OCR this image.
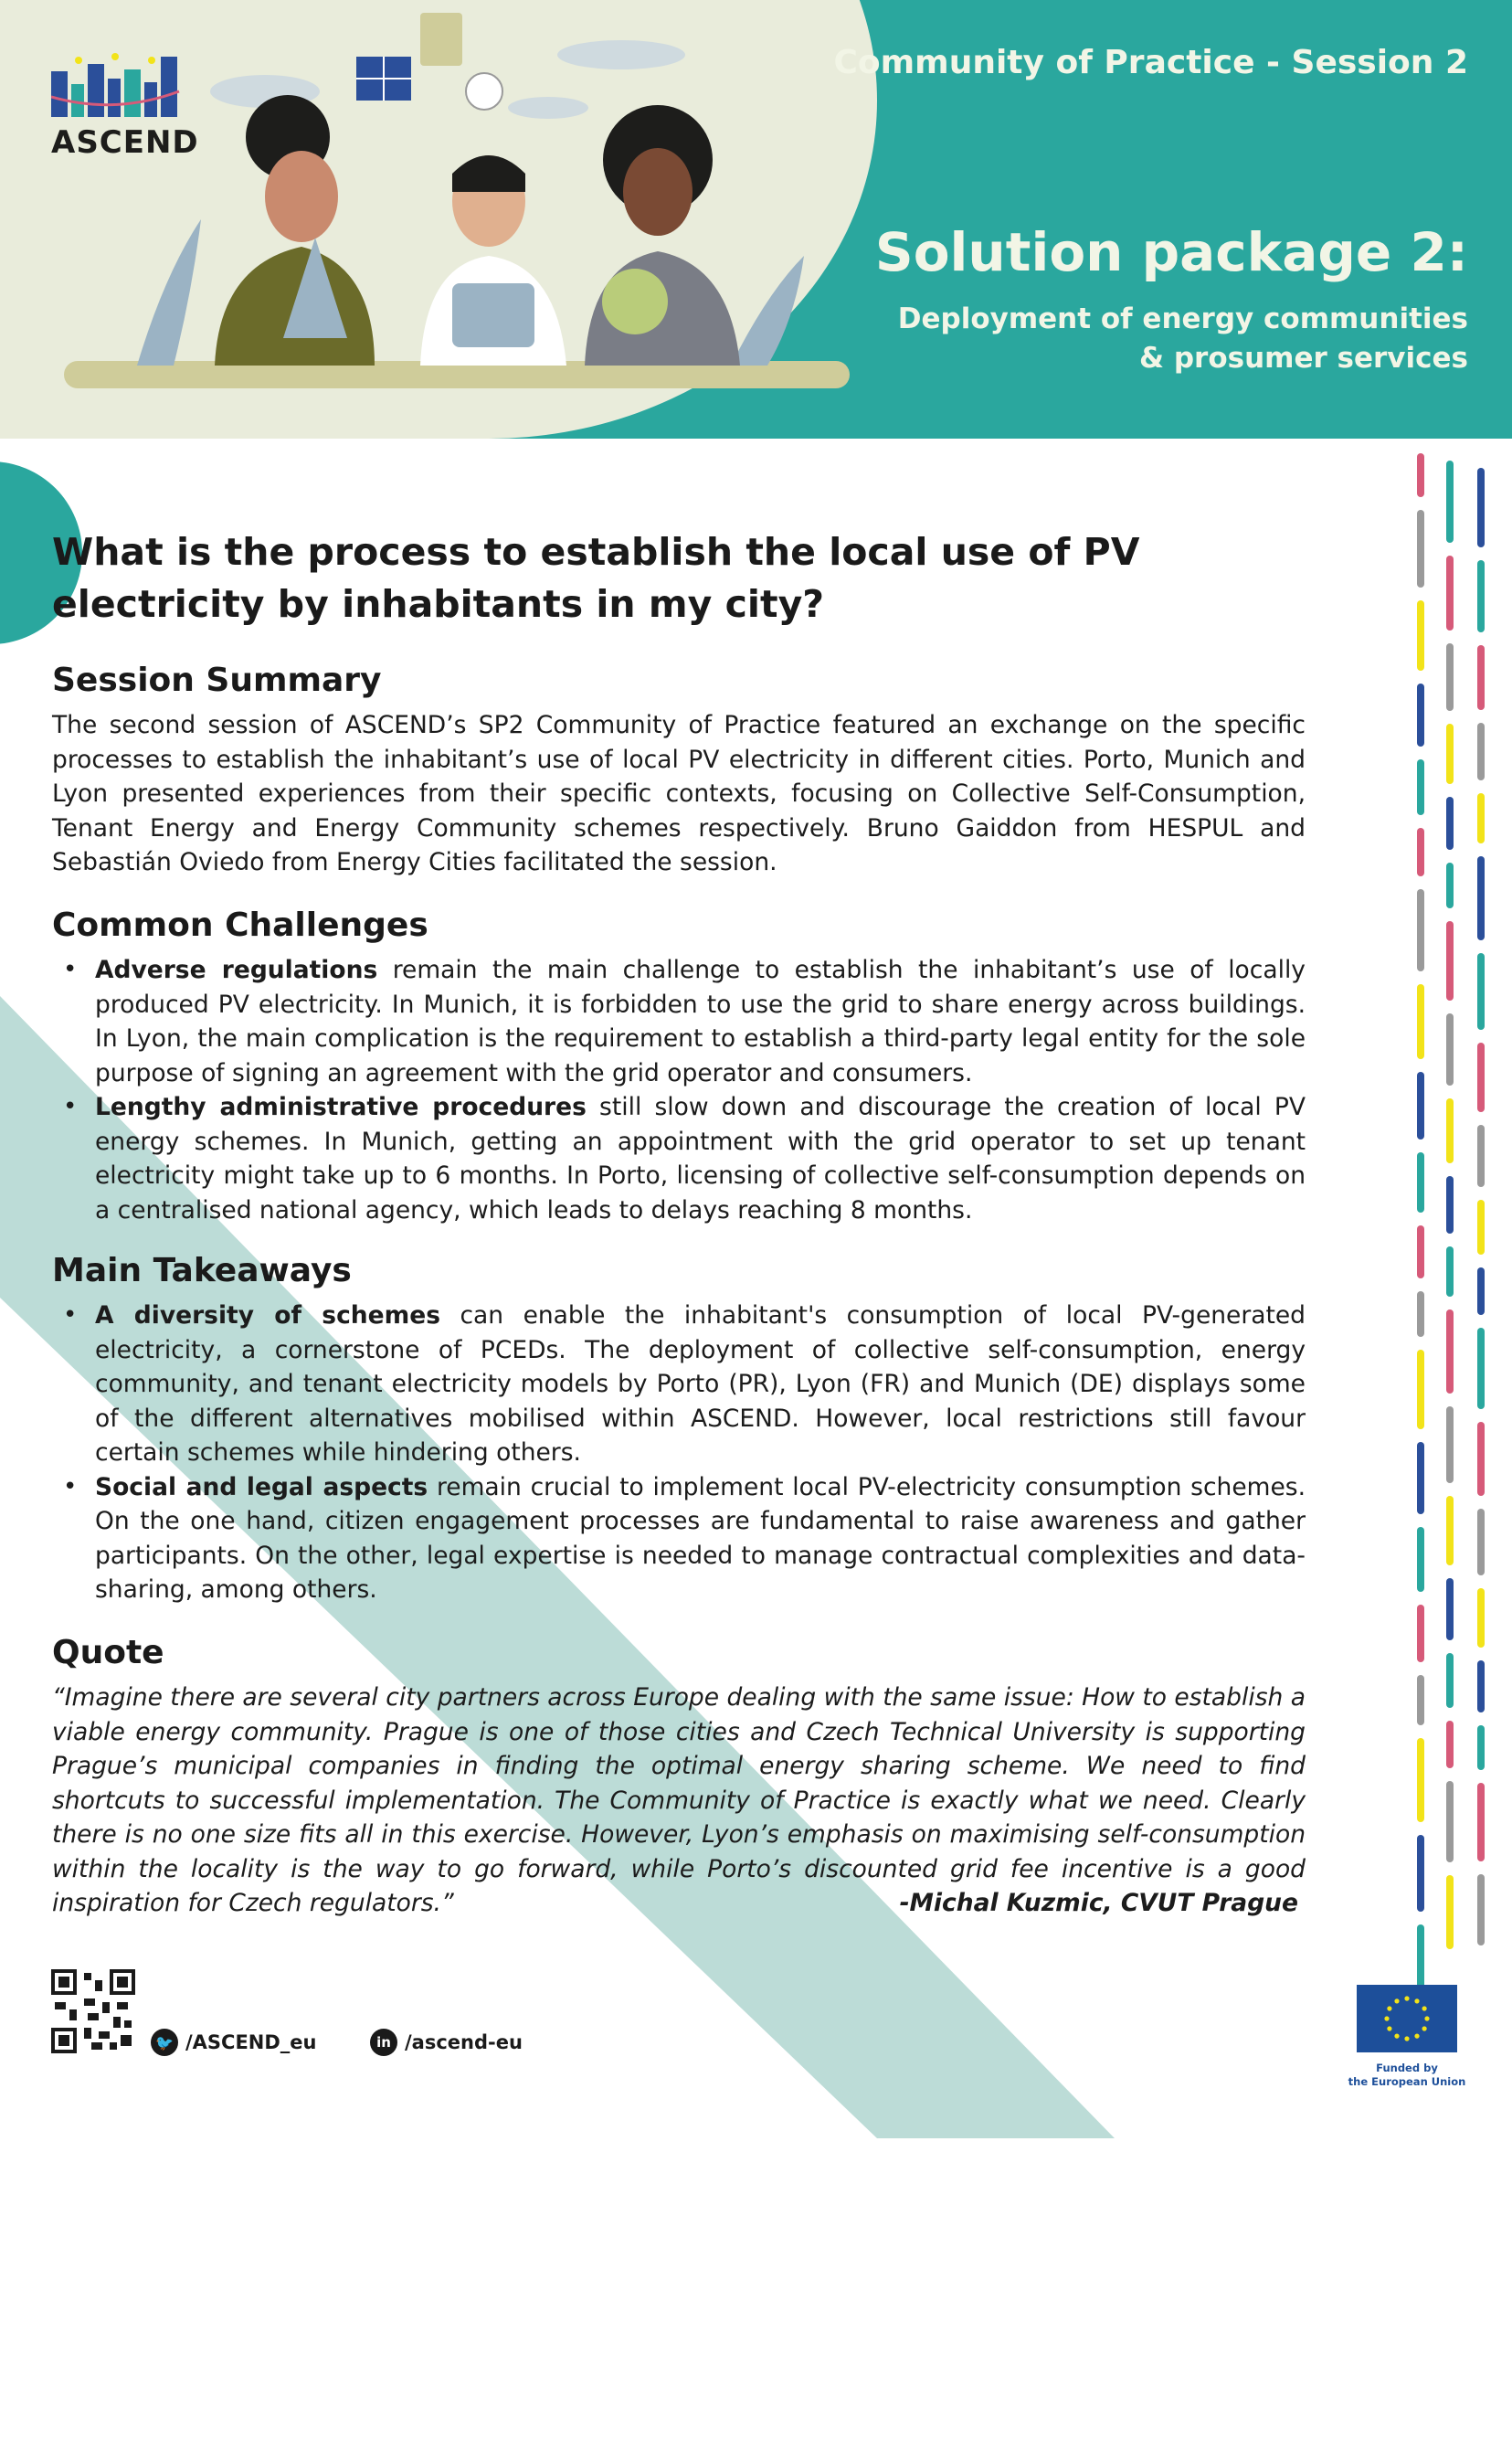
ASCEND
Community of Practice - Session 2
Solution package 2:
Deployment of energy communities
& prosumer services
What is the process to establish the local use of PV electricity by inhabitants in my city?
Session Summary

The second session of ASCEND’s SP2 Community of Practice featured an exchange on the specific processes to establish the inhabitant’s use of local PV electricity in different cities. Porto, Munich and Lyon presented experiences from their specific contexts, focusing on Collective Self-Consumption, Tenant Energy and Energy Community schemes respectively. Bruno Gaiddon from HESPUL and Sebastián Oviedo from Energy Cities facilitated the session.

Common Challenges
• Adverse regulations remain the main challenge to establish the inhabitant’s use of locally produced PV electricity. In Munich, it is forbidden to use the grid to share energy across buildings. In Lyon, the main complication is the requirement to establish a third-party legal entity for the sole purpose of signing an agreement with the grid operator and consumers.
• Lengthy administrative procedures still slow down and discourage the creation of local PV energy schemes. In Munich, getting an appointment with the grid operator to set up tenant electricity might take up to 6 months. In Porto, licensing of collective self-consumption depends on a centralised national agency, which leads to delays reaching 8 months.
Main Takeaways
• A diversity of schemes can enable the inhabitant's consumption of local PV-generated electricity, a cornerstone of PCEDs. The deployment of collective self-consumption, energy community, and tenant electricity models by Porto (PR), Lyon (FR) and Munich (DE) displays some of the different alternatives mobilised within ASCEND. However, local restrictions still favour certain schemes while hindering others.
• Social and legal aspects remain crucial to implement local PV-electricity consumption schemes. On the one hand, citizen engagement processes are fundamental to raise awareness and gather participants. On the other, legal expertise is needed to manage contractual complexities and data-sharing, among others.
Quote

“Imagine there are several city partners across Europe dealing with the same issue: How to establish a viable energy community. Prague is one of those cities and Czech Technical University is supporting Prague’s municipal companies in finding the optimal energy sharing scheme. We need to find shortcuts to successful implementation. The Community of Practice is exactly what we need. Clearly there is no one size fits all in this exercise. However, Lyon’s emphasis on maximising self-consumption within the locality is the way to go forward, while Porto’s discounted grid fee incentive is a good inspiration for Czech regulators.”	-Michal Kuzmic, CVUT Prague

🐦 /ASCEND_eu	in /ascend-eu
Funded by
the European Union
